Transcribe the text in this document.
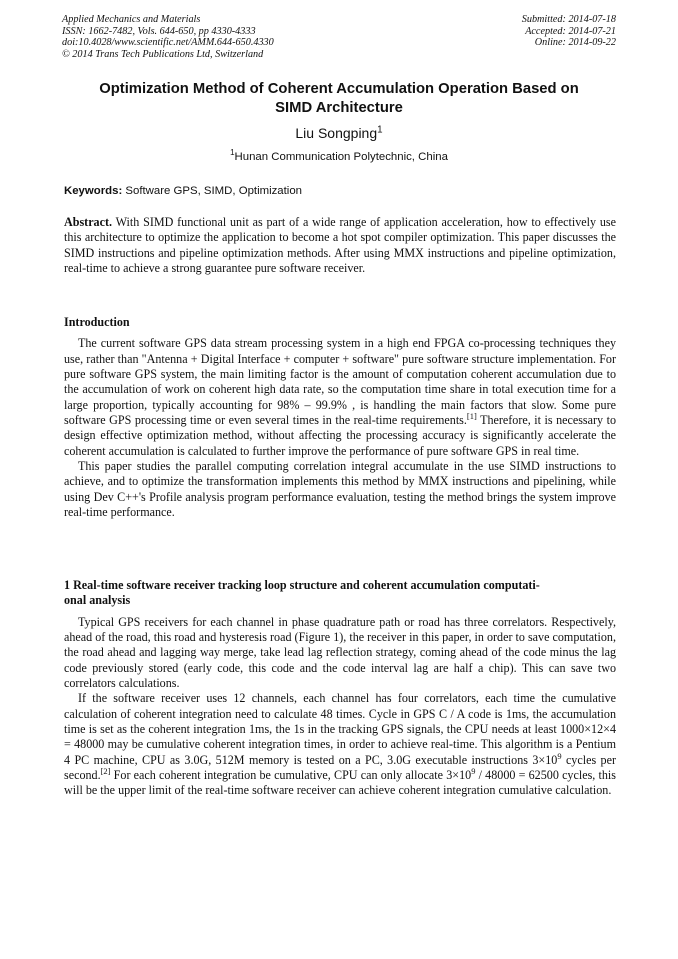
Applied Mechanics and Materials
ISSN: 1662-7482, Vols. 644-650, pp 4330-4333
doi:10.4028/www.scientific.net/AMM.644-650.4330
© 2014 Trans Tech Publications Ltd, Switzerland
Submitted: 2014-07-18
Accepted: 2014-07-21
Online: 2014-09-22
Optimization Method of Coherent Accumulation Operation Based on
SIMD Architecture
Liu Songping$^1$
$^1$Hunan Communication Polytechnic, China
Keywords: Software GPS, SIMD, Optimization

Abstract. With SIMD functional unit as part of a wide range of application acceleration, how to effectively use this architecture to optimize the application to become a hot spot compiler optimization. This paper discusses the SIMD instructions and pipeline optimization methods. After using MMX instructions and pipeline optimization, real-time to achieve a strong guarantee pure software receiver.

Introduction

The current software GPS data stream processing system in a high end FPGA co-processing techniques they use, rather than "Antenna + Digital Interface + computer + software" pure software structure implementation. For pure software GPS system, the main limiting factor is the amount of computation coherent accumulation due to the accumulation of work on coherent high data rate, so the computation time share in total execution time for a large proportion, typically accounting for 98% – 99.9% , is handling the main factors that slow. Some pure software GPS processing time or even several times in the real-time requirements.[1] Therefore, it is necessary to design effective optimization method, without affecting the processing accuracy is significantly accelerate the coherent accumulation is calculated to further improve the performance of pure software GPS in real time.

This paper studies the parallel computing correlation integral accumulate in the use SIMD instructions to achieve, and to optimize the transformation implements this method by MMX instructions and pipelining, while using Dev C++'s Profile analysis program performance evaluation, testing the method brings the system improve real-time performance.

1 Real-time software receiver tracking loop structure and coherent accumulation computati-
onal analysis

Typical GPS receivers for each channel in phase quadrature path or road has three correlators. Respectively, ahead of the road, this road and hysteresis road (Figure 1), the receiver in this paper, in order to save computation, the road ahead and lagging way merge, take lead lag reflection strategy, coming ahead of the code minus the lag code previously stored (early code, this code and the code interval lag are half a chip). This can save two correlators calculations.

If the software receiver uses 12 channels, each channel has four correlators, each time the cumulative calculation of coherent integration need to calculate 48 times. Cycle in GPS C / A code is 1ms, the accumulation time is set as the coherent integration 1ms, the 1s in the tracking GPS signals, the CPU needs at least 1000×12×4 = 48000 may be cumulative coherent integration times, in order to achieve real-time. This algorithm is a Pentium 4 PC machine, CPU as 3.0G, 512M memory is tested on a PC, 3.0G executable instructions $3\times 10^9$ cycles per second.[2] For each coherent integration be cumulative, CPU can only allocate $3\times 10^9 / 48000 = 62500$ cycles, this will be the upper limit of the real-time software receiver can achieve coherent integration cumulative calculation.
